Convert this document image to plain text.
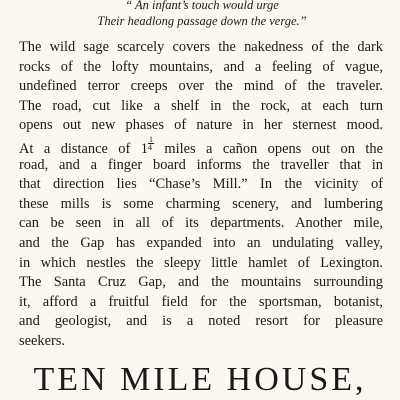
“ An infant’s touch would urge
Their headlong passage down the verge.”
The wild sage scarcely covers the nakedness of the dark
rocks of the lofty mountains, and a feeling of vague,
undefined terror creeps over the mind of the traveler.
The road, cut like a shelf in the rock, at each turn
opens out new phases of nature in her sternest mood.
At a distance of $1 \frac{1}{4}$ miles a cañon opens out on the
road, and a finger board informs the traveller that in
that direction lies “Chase’s Mill.” In the vicinity of
these mills is some charming scenery, and lumbering
can be seen in all of its departments. Another mile,
and the Gap has expanded into an undulating valley,
in which nestles the sleepy little hamlet of Lexington.
The Santa Cruz Gap, and the mountains surrounding
it, afford a fruitful field for the sportsman, botanist,
and geologist, and is a noted resort for pleasure
seekers.
TEN MILE HOUSE,
